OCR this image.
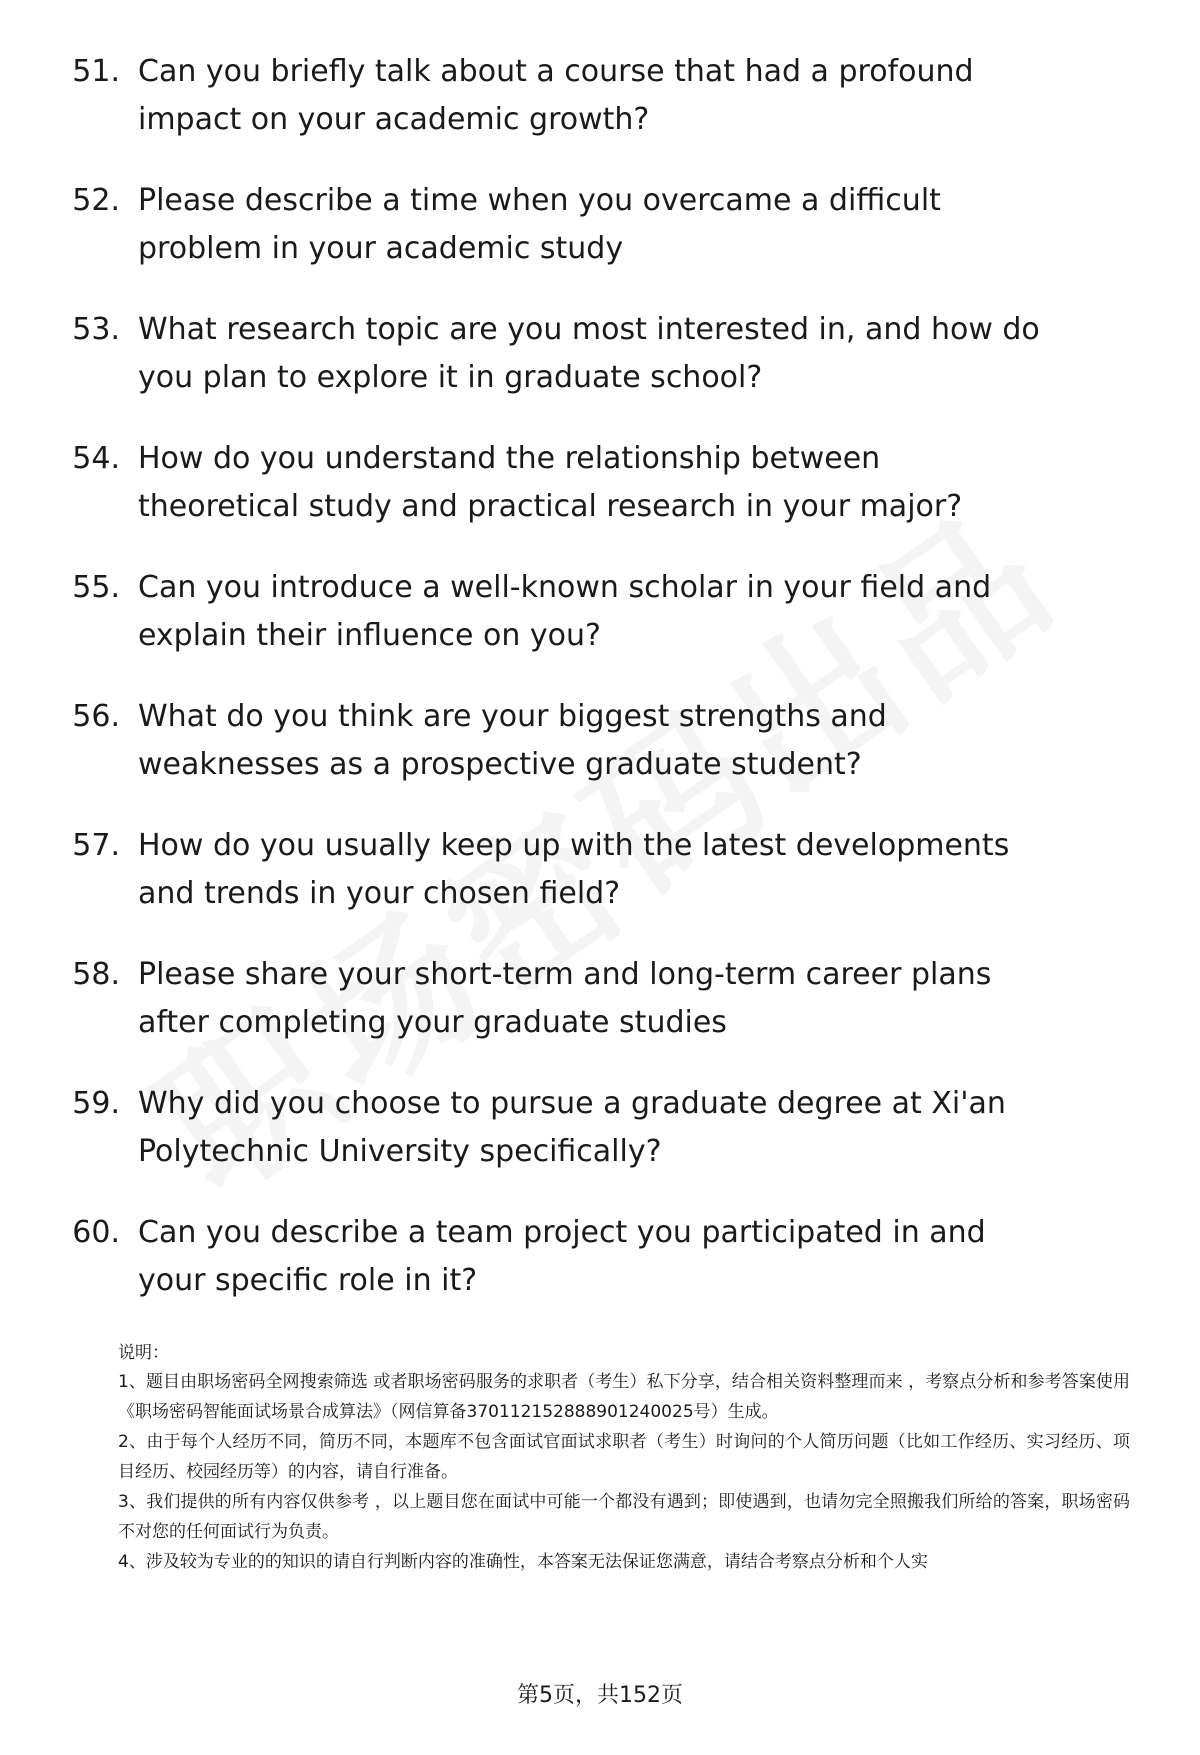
51. Can you briefly talk about a course that had a profound impact on your academic growth?
52. Please describe a time when you overcame a difficult problem in your academic study
53. What research topic are you most interested in, and how do you plan to explore it in graduate school?
54. How do you understand the relationship between theoretical study and practical research in your major?
55. Can you introduce a well-known scholar in your field and explain their influence on you?
56. What do you think are your biggest strengths and weaknesses as a prospective graduate student?
57. How do you usually keep up with the latest developments and trends in your chosen field?
58. Please share your short-term and long-term career plans after completing your graduate studies
59. Why did you choose to pursue a graduate degree at Xi'an Polytechnic University specifically?
60. Can you describe a team project you participated in and your specific role in it?
说明：
1、题目由职场密码全网搜索筛选 或者职场密码服务的求职者（考生）私下分享，结合相关资料整理而来 ，考察点分析和参考答案使用《职场密码智能面试场景合成算法》（网信算备370112152888901240025号）生成。
2、由于每个人经历不同，简历不同，本题库不包含面试官面试求职者（考生）时询问的个人简历问题（比如工作经历、实习经历、项目经历、校园经历等）的内容，请自行准备。
3、我们提供的所有内容仅供参考 ，以上题目您在面试中可能一个都没有遇到；即使遇到，也请勿完全照搬我们所给的答案，职场密码不对您的任何面试行为负责。
4、涉及较为专业的的知识的请自行判断内容的准确性，本答案无法保证您满意，请结合考察点分析和个人实
第5页，共152页
